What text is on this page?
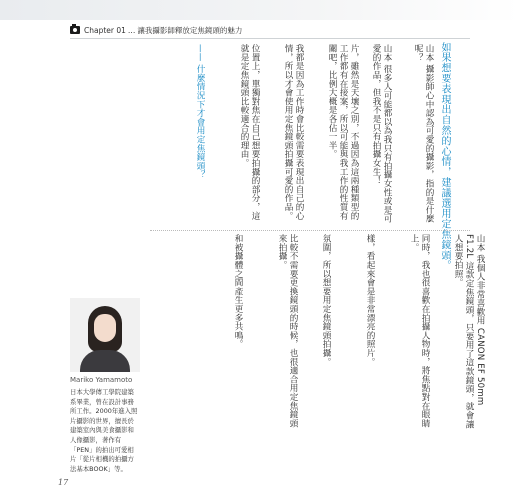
Chapter 01 … 讓我攝影師釋放定焦鏡頭的魅力
如果想要表現出自然的心情，建議選用定焦鏡頭。
山本 攝影師心中認為可愛的攝影，指的是什麼呢？
山本 很多人可能都以為我只有拍攝女性或是可愛的作品，但我不是只有拍攝女生！
片，雖然是天壤之別，不過因為這兩種類型的工作都有在接案，所以可能與我工作的性質有關吧，比例大概是各佔一半。
我都是因為工作時會比較需要表現出自己的心情，所以才會使用定焦鏡頭拍攝可愛的作品。
位置上，單獨對焦在自己想要拍攝的部分，這就是定焦鏡頭比較適合的理由。
—— 什麼情況下才會用定焦鏡頭？
山本 我個人非常喜歡用 CANON EF 50mm F1.2L 這款定焦鏡頭，只要用了這款鏡頭，就會讓人想要拍照。
同時，我也很喜歡在拍攝人物時，將焦點對在眼睛上。
樣，看起來會是非常漂亮的照片。
氛圍，所以想要用定焦鏡頭拍攝。
比較不需要更換鏡頭的時候，也很適合用定焦鏡頭來拍攝。
和被攝體之間產生更多共鳴。
Mariko Yamamoto
日本大學傳工學院建築系畢業，曾在設計事務所工作。2000年進入照片攝影的世界，擅長於建築室內與美食攝影和人像攝影，著作有「PEN」的拍出可愛相片「從片相機的拍攝方法基本BOOK」等。
17
